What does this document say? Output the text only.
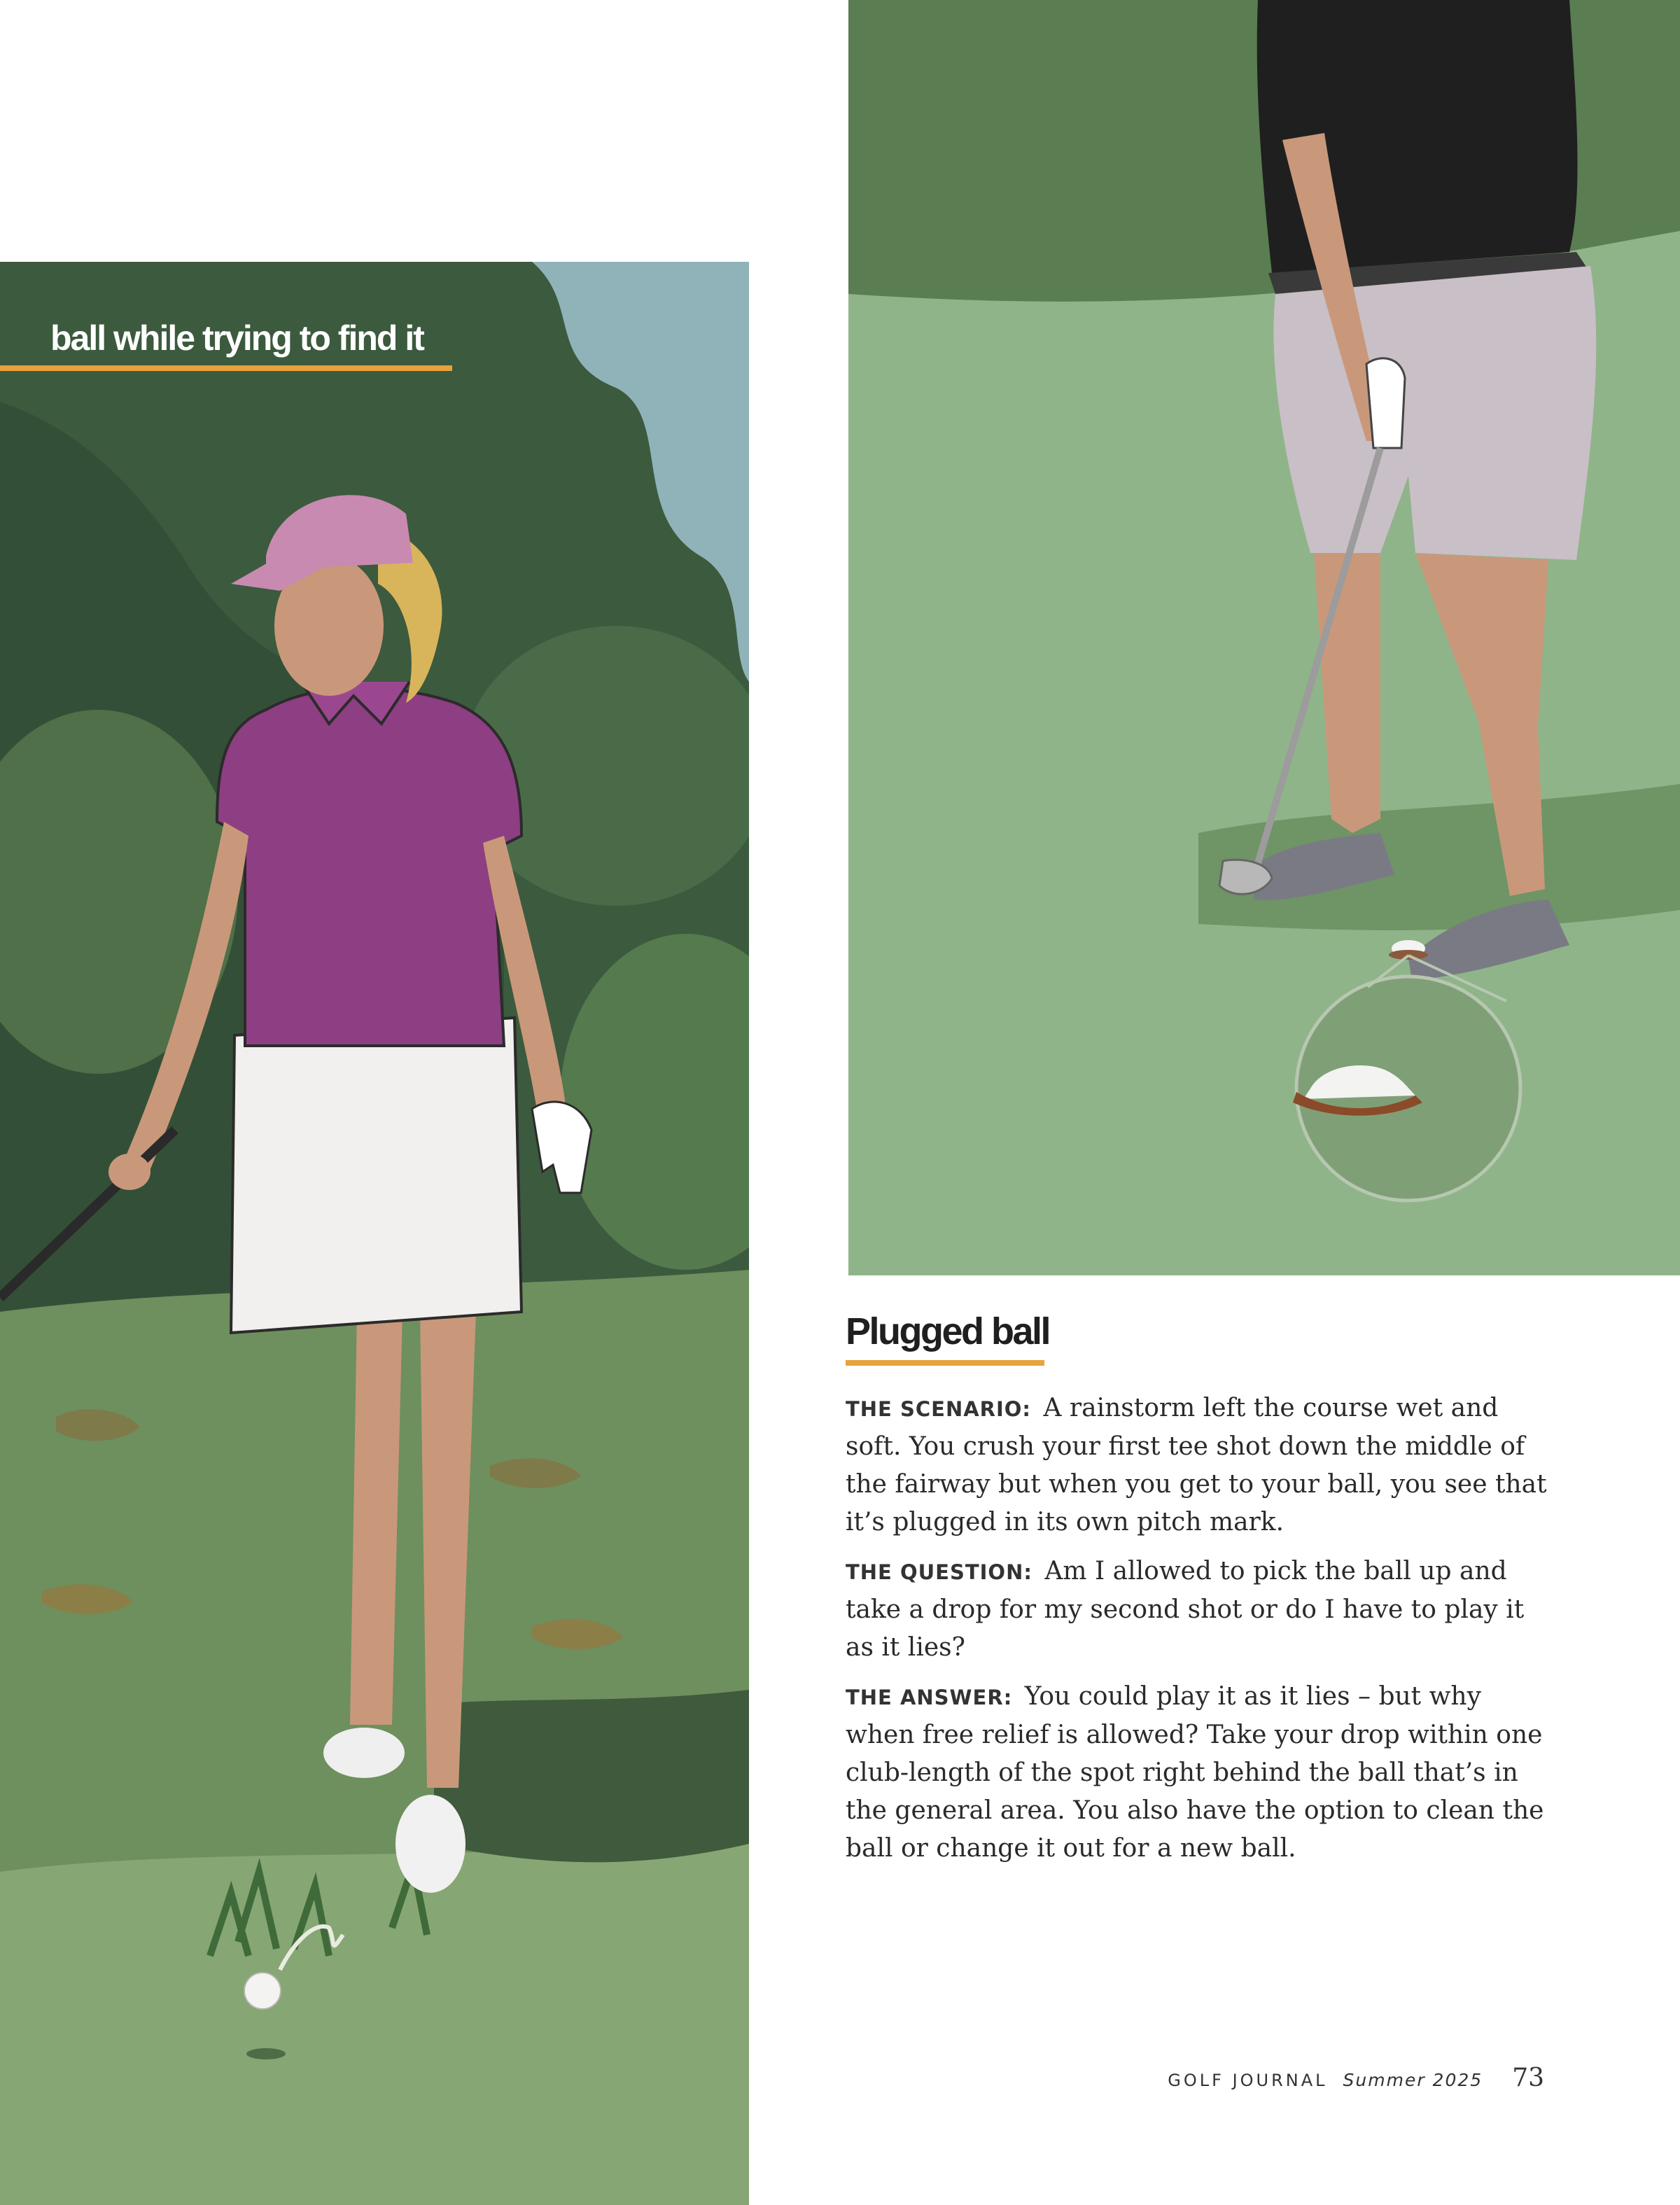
ball while trying to find it
Plugged ball

THE SCENARIO: A rainstorm left the course wet and soft. You crush your first tee shot down the middle of the fairway but when you get to your ball, you see that it’s plugged in its own pitch mark.

THE QUESTION: Am I allowed to pick the ball up and take a drop for my second shot or do I have to play it as it lies?

THE ANSWER: You could play it as it lies – but why when free relief is allowed? Take your drop within one club-length of the spot right behind the ball that’s in the general area. You also have the option to clean the ball or change it out for a new ball.

GOLF JOURNAL Summer 2025 73
